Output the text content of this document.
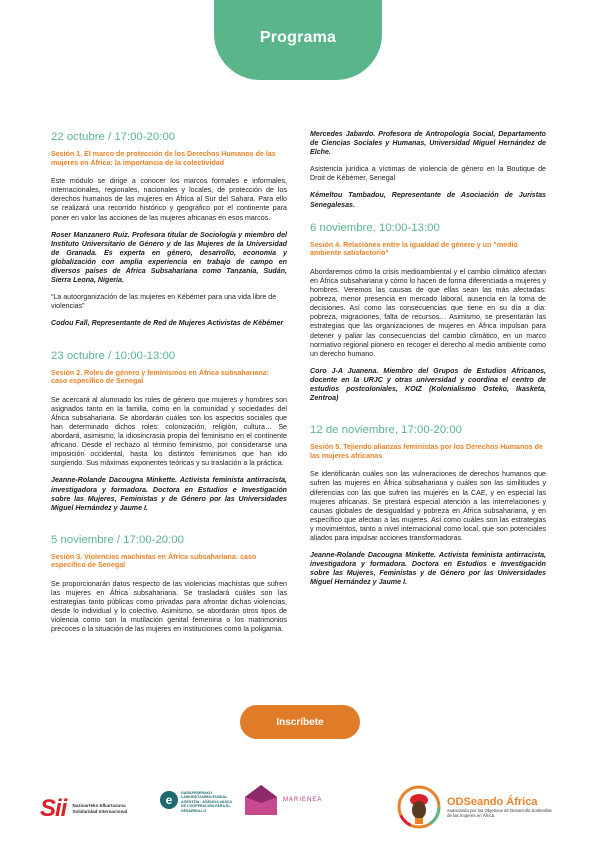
Programa
22 octubre / 17:00-20:00
Sesión 1. El marco de protección de los Derechos Humanos de las mujeres en África: la importancia de la colectividad
Este módulo se dirige a conocer los marcos formales e informales, internacionales, regionales, nacionales y locales, de protección de los derechos humanos de las mujeres en África al Sur del Sahara. Para ello se realizará una recorrido histórico y geográfico por el continente para poner en valor las acciones de las mujeres africanas en esos marcos.
Roser Manzanero Ruiz. Profesora titular de Sociología y miembro del Instituto Universitario de Género y de las Mujeres de la Universidad de Granada. Es experta en género, desarrollo, economía y globalización con amplia experiencia en trabajo de campo en diversos países de África Subsahariana como Tanzania, Sudán, Sierra Leona, Nigeria.
“La autoorganización de las mujeres en Kébémer para una vida libre de violencias”
Codou Fall, Representante de Red de Mujeres Activistas de Kébémer
23 octubre / 10:00-13:00
Sesión 2. Roles de género y feminismos en África subsahariana: caso específico de Senegal
Se acercará al alumnado los roles de género que mujeres y hombres son asignados tanto en la familia, como en la comunidad y sociedades del África subsahariana. Se abordarán cuáles son los aspectos sociales que han determinado dichos roles: colonización, religión, cultura… Se abordará, asimismo, la idiosincrasia propia del feminismo en el continente africano. Desde el rechazo al término feminismo, por considerarse una imposición occidental, hasta los distintos feminismos que han ido surgiendo. Sus máximas exponentes teóricas y su traslación a la práctica.
Jeanne-Rolande Dacougna Minkette. Activista feminista antirracista, investigadora y formadora. Doctora en Estudios e Investigación sobre las Mujeres, Feministas y de Género por las Universidades Miguel Hernández y Jaume I.
5 noviembre / 17:00-20:00
Sesión 3. Violencias machistas en África subsahariana: caso específico de Senegal
Se proporcionarán datos respecto de las violencias machistas que sufren las mujeres en África subsahariana. Se trasladará cuáles son las estrategias tanto públicas como privadas para afrontar dichas violencias, desde lo individual y lo colectivo. Asimismo, se abordarán otros tipos de violencia como son la mutilación genital femenina o los matrimonios precoces o la situación de las mujeres en instituciones como la poligamia.
Mercedes Jabardo. Profesora de Antropología Social, Departamento de Ciencias Sociales y Humanas, Universidad Miguel Hernández de Elche.
Asistencia jurídica a víctimas de violencia de género en la Boutique de Droit de Kébémer, Senegal
Kémeltou Tambadou, Representante de Asociación de Juristas Senegalesas.
6 noviembre, 10:00-13:00
Sesión 4. Relaciones entre la igualdad de género y un “medio ambiente satisfactorio”
Abordaremos cómo la crisis medioambiental y el cambio climático afectan en África subsahariana y cómo lo hacen de forma diferenciada a mujeres y hombres. Veremos las causas de que ellas sean las más afectadas: pobreza, menor presencia en mercado laboral, ausencia en la toma de decisiones. Así como las consecuencias que tiene en su día a día: pobreza, migraciones, falta de recursos… Asimismo, se presentarán las estrategias que las organizaciones de mujeres en África impulsan para detener y paliar las consecuencias del cambio climático, en un marco normativo regional pionero en recoger el derecho al medio ambiente como un derecho humano.
Coro J-A Juanena. Miembro del Grupos de Estudios Africanos, docente en la URJC y otras universidad y coordina el centro de estudios postcoloniales, KOIZ (Kolonialismo Osteko, Ikasketa, Zentroa)
12 de noviembre, 17:00-20:00
Sesión 5. Tejiendo alianzas feministas por los Derechos Humanos de las mujeres africanas
Se identificarán cuáles son las vulneraciones de derechos humanos que sufren las mujeres en África subsahariana y cuáles son las similitudes y diferencias con las que sufren las mujeres en la CAE, y en especial las mujeres africanas. Se prestará especial atención a las interrelaciones y causas globales de desigualdad y pobreza en África subsahariana, y en específico que afectan a las mujeres. Así como cuáles son las estrategias y movimientos, tanto a nivel internacional como local, que son potenciales aliados para impulsar acciones transformadoras.
Jeanne-Rolande Dacougna Minkette. Activista feminista antirracista, investigadora y formadora. Doctora en Estudios e Investigación sobre las Mujeres, Feministas y de Género por las Universidades Miguel Hernández y Jaume I.
Inscríbete
Sii Nazioarteko Elkartasuna Solidaridad Internacional
e	GARAPENERAKO LANKIDETZAREN EUSKAL AGENTZIA · AGENCIA VASCA DE COOPERACIÓN PARA EL DESARROLLO
MARIENEA	ODSeando África
Avanzando por los Objetivos de Desarrollo Sostenible de las mujeres en África
